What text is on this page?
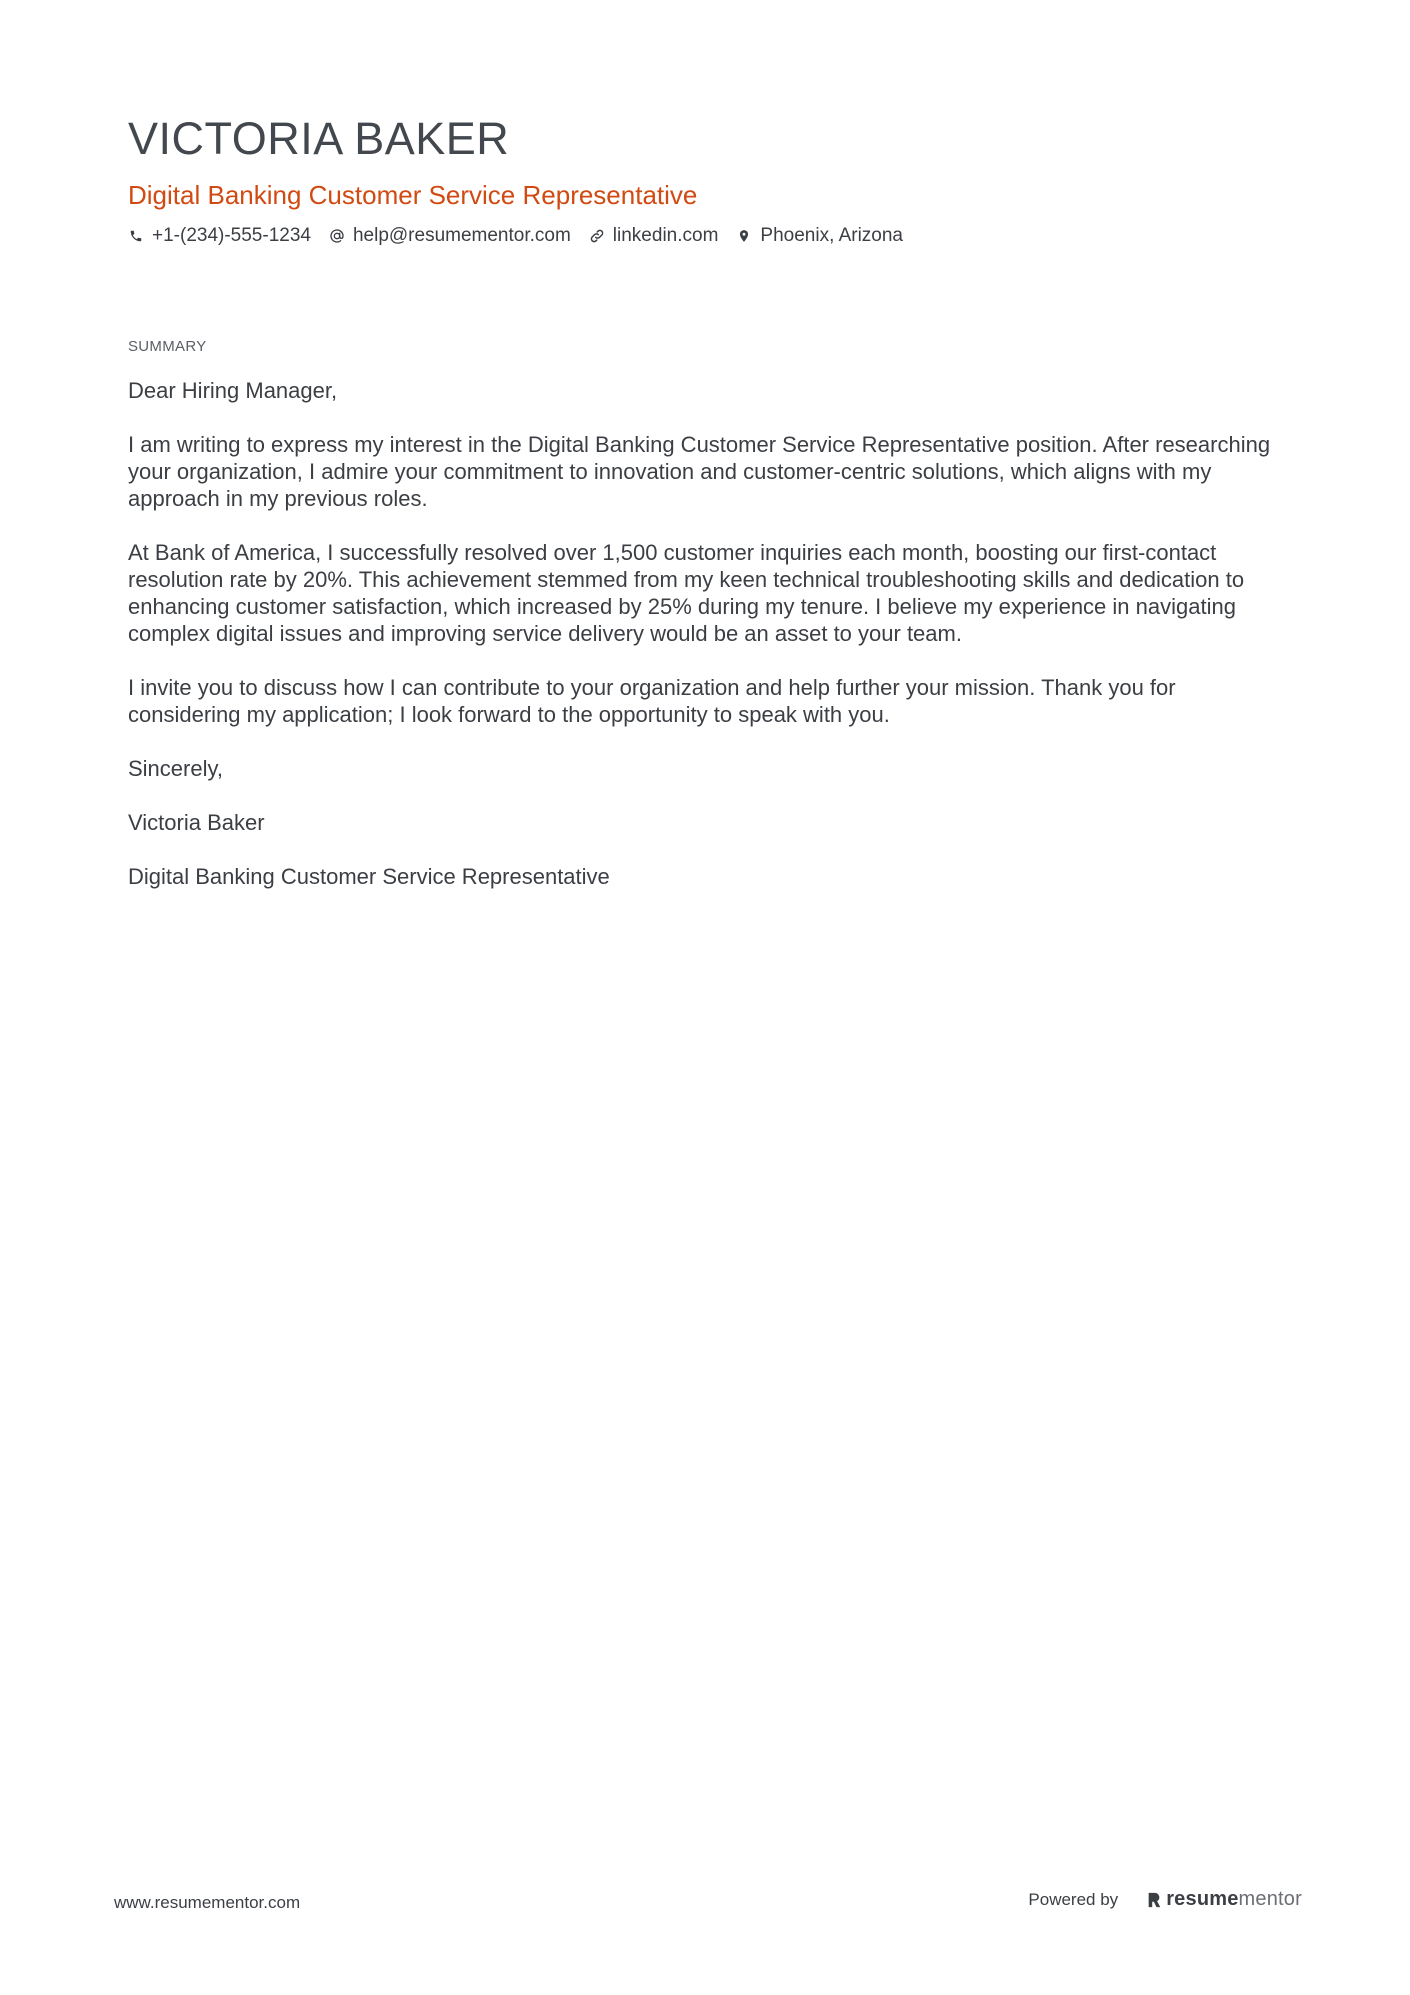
VICTORIA BAKER
Digital Banking Customer Service Representative
+1-(234)-555-1234 help@resumementor.com linkedin.com Phoenix, Arizona
SUMMARY

Dear Hiring Manager,

I am writing to express my interest in the Digital Banking Customer Service Representative position. After researching your organization, I admire your commitment to innovation and customer-centric solutions, which aligns with my approach in my previous roles.

At Bank of America, I successfully resolved over 1,500 customer inquiries each month, boosting our first-contact resolution rate by 20%. This achievement stemmed from my keen technical troubleshooting skills and dedication to enhancing customer satisfaction, which increased by 25% during my tenure. I believe my experience in navigating complex digital issues and improving service delivery would be an asset to your team.

I invite you to discuss how I can contribute to your organization and help further your mission. Thank you for considering my application; I look forward to the opportunity to speak with you.

Sincerely,

Victoria Baker

Digital Banking Customer Service Representative

www.resumementor.com	Powered by resume mentor
